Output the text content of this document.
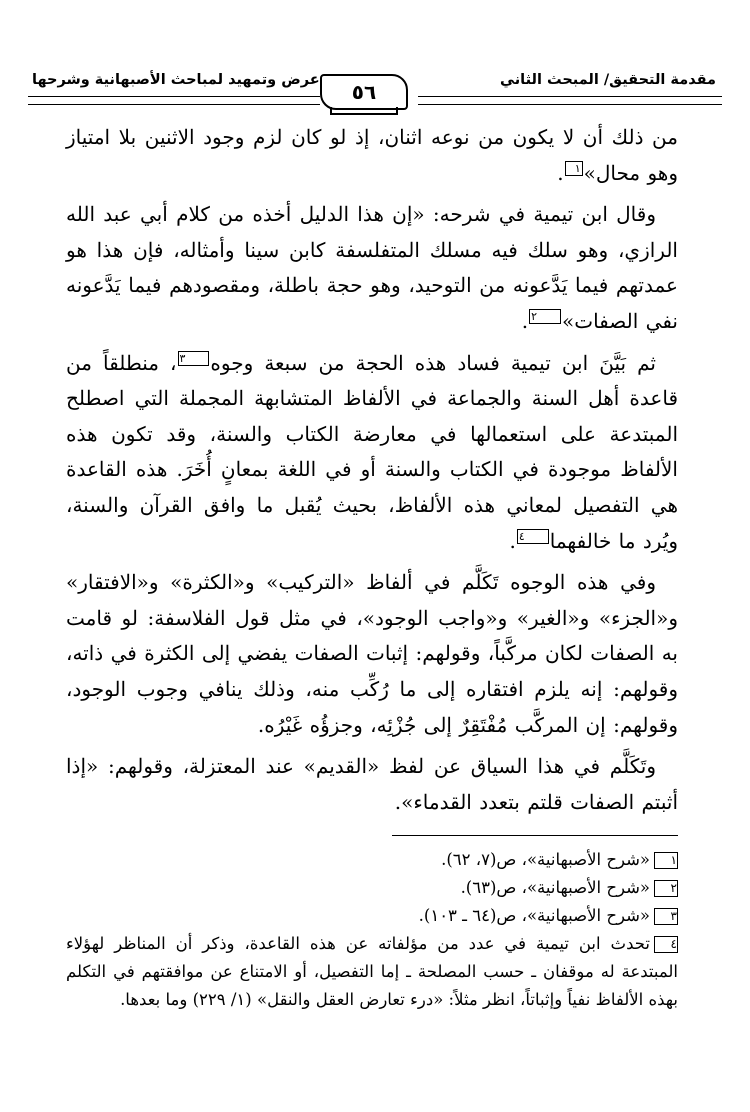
مقدمة التحقيق/ المبحث الثاني
٥٦
عرض وتمهيد لمباحث الأصبهانية وشرحها

من ذلك أن لا يكون من نوعه اثنان، إذ لو كان لزم وجود الاثنين بلا امتياز وهو محال»١.

وقال ابن تيمية في شرحه: «إن هذا الدليل أخذه من كلام أبي عبد الله الرازي، وهو سلك فيه مسلك المتفلسفة كابن سينا وأمثاله، فإن هذا هو عمدتهم فيما يَدَّعونه من التوحيد، وهو حجة باطلة، ومقصودهم فيما يَدَّعونه نفي الصفات»٢.

ثم بَيَّنَ ابن تيمية فساد هذه الحجة من سبعة وجوه٣، منطلقاً من قاعدة أهل السنة والجماعة في الألفاظ المتشابهة المجملة التي اصطلح المبتدعة على استعمالها في معارضة الكتاب والسنة، وقد تكون هذه الألفاظ موجودة في الكتاب والسنة أو في اللغة بمعانٍ أُخَرَ. هذه القاعدة هي التفصيل لمعاني هذه الألفاظ، بحيث يُقبل ما وافق القرآن والسنة، ويُرد ما خالفهما٤.

وفي هذه الوجوه تَكَلَّم في ألفاظ «التركيب» و«الكثرة» و«الافتقار» و«الجزء» و«الغير» و«واجب الوجود»، في مثل قول الفلاسفة: لو قامت به الصفات لكان مركَّباً، وقولهم: إثبات الصفات يفضي إلى الكثرة في ذاته، وقولهم: إنه يلزم افتقاره إلى ما رُكِّب منه، وذلك ينافي وجوب الوجود، وقولهم: إن المركَّب مُفْتَقِرٌ إلى جُزْئِه، وجزؤُه غَيْرُه.

وتَكَلَّم في هذا السياق عن لفظ «القديم» عند المعتزلة، وقولهم: «إذا أثبتم الصفات قلتم بتعدد القدماء».

١«شرح الأصبهانية»، ص(٧، ٦٢).

٢«شرح الأصبهانية»، ص(٦٣).

٣«شرح الأصبهانية»، ص(٦٤ ـ ١٠٣).

٤تحدث ابن تيمية في عدد من مؤلفاته عن هذه القاعدة، وذكر أن المناظر لهؤلاء المبتدعة له موقفان ـ حسب المصلحة ـ إما التفصيل، أو الامتناع عن موافقتهم في التكلم بهذه الألفاظ نفياً وإثباتاً، انظر مثلاً: «درء تعارض العقل والنقل» (١/ ٢٢٩) وما بعدها.
